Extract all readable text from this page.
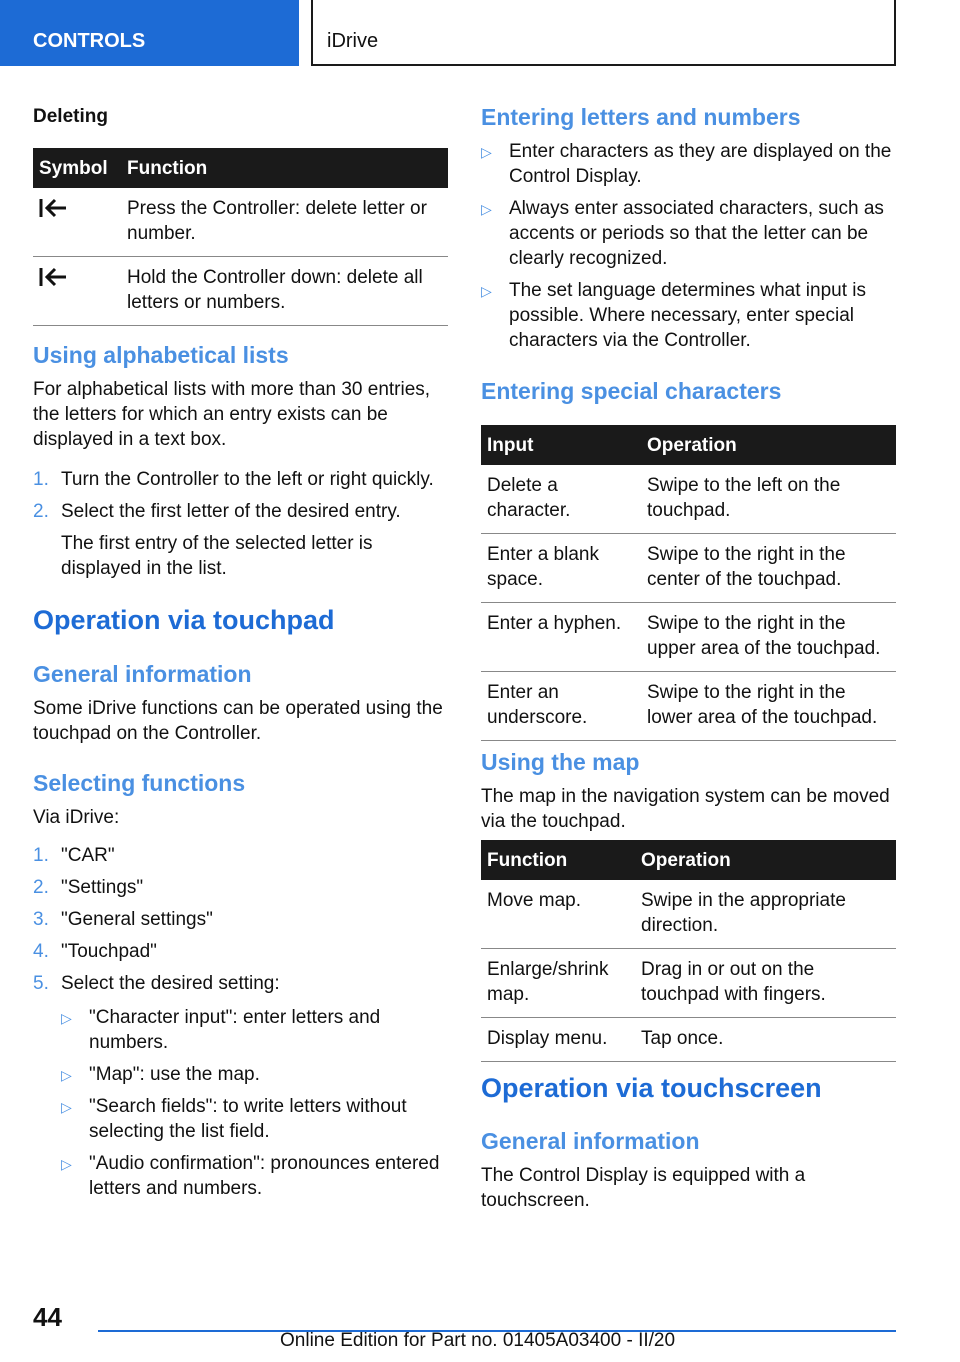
CONTROLS	iDrive
Deleting
Symbol	Function
	Press the Controller: delete letter or number.
	Hold the Controller down: delete all letters or numbers.
Using alphabetical lists
For alphabetical lists with more than 30 entries, the letters for which an entry exists can be displayed in a text box.
1. Turn the Controller to the left or right quickly.
2. Select the first letter of the desired entry.
The first entry of the selected letter is displayed in the list.
Operation via touchpad
General information
Some iDrive functions can be operated using the touchpad on the Controller.
Selecting functions
Via iDrive:
1. "CAR"
2. "Settings"
3. "General settings"
4. "Touchpad"
5. Select the desired setting:
▷ "Character input": enter letters and numbers.
▷ "Map": use the map.
▷ "Search fields": to write letters without selecting the list field.
▷ "Audio confirmation": pronounces entered letters and numbers.
Entering letters and numbers
▷ Enter characters as they are displayed on the Control Display.
▷ Always enter associated characters, such as accents or periods so that the letter can be clearly recognized.
▷ The set language determines what input is possible. Where necessary, enter special characters via the Controller.
Entering special characters
Input	Operation
Delete a character.	Swipe to the left on the touchpad.
Enter a blank space.	Swipe to the right in the center of the touchpad.
Enter a hyphen.	Swipe to the right in the upper area of the touchpad.
Enter an underscore.	Swipe to the right in the lower area of the touchpad.
Using the map
The map in the navigation system can be moved via the touchpad.
Function	Operation
Move map.	Swipe in the appropriate direction.
Enlarge/shrink map.	Drag in or out on the touchpad with fingers.
Display menu.	Tap once.
Operation via touchscreen
General information
The Control Display is equipped with a touchscreen.
44
Online Edition for Part no. 01405A03400 - II/20
